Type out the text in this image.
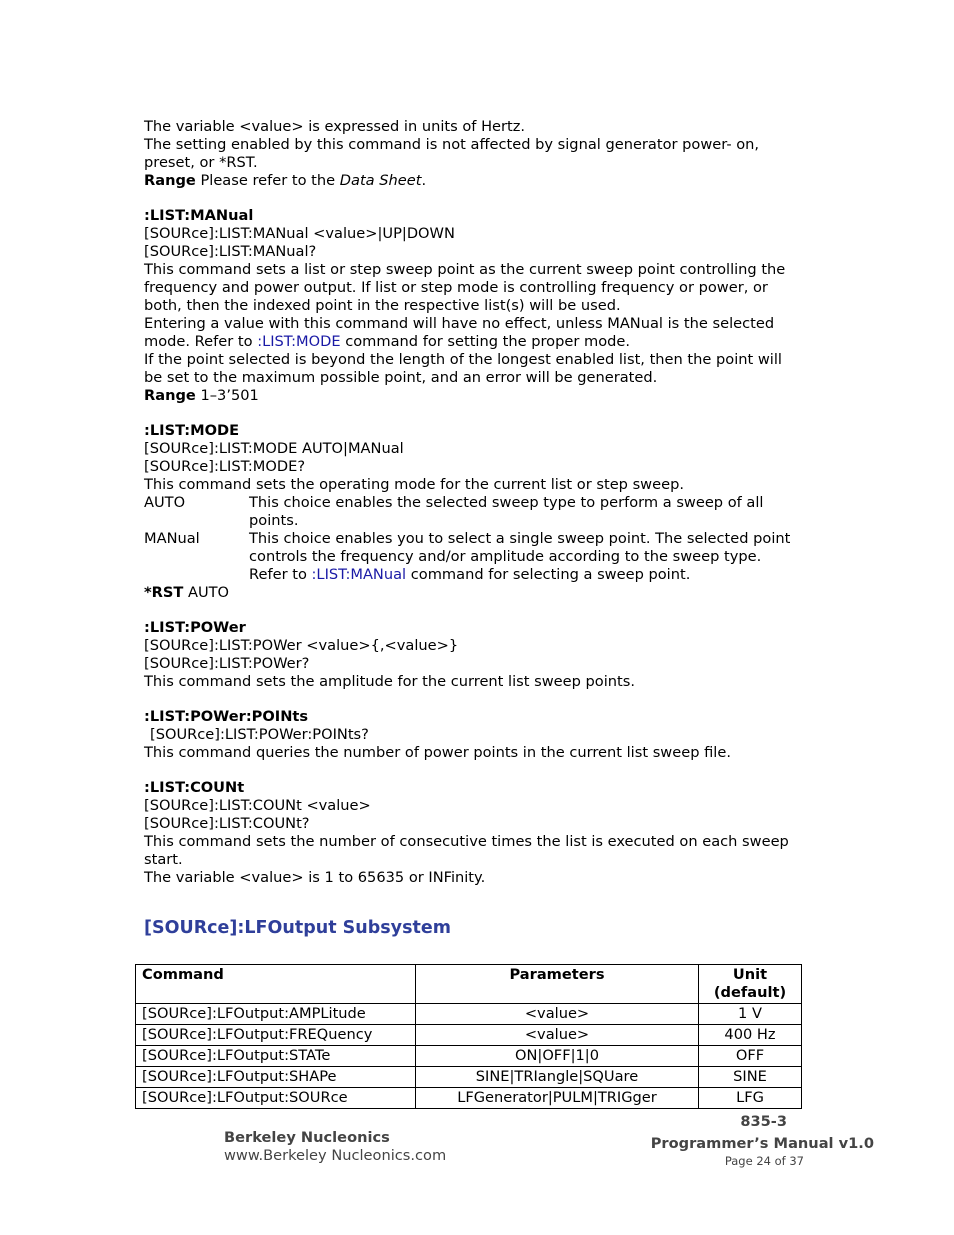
The variable <value> is expressed in units of Hertz.

The setting enabled by this command is not affected by signal generator power- on, preset, or *RST.

Range Please refer to the Data Sheet.

:LIST:MANual

[SOURce]:LIST:MANual <value>|UP|DOWN

[SOURce]:LIST:MANual?

This command sets a list or step sweep point as the current sweep point controlling the frequency and power output. If list or step mode is controlling frequency or power, or both, then the indexed point in the respective list(s) will be used.

Entering a value with this command will have no effect, unless MANual is the selected mode. Refer to :LIST:MODE command for setting the proper mode.

If the point selected is beyond the length of the longest enabled list, then the point will be set to the maximum possible point, and an error will be generated.

Range 1–3’501

:LIST:MODE

[SOURce]:LIST:MODE AUTO|MANual

[SOURce]:LIST:MODE?

This command sets the operating mode for the current list or step sweep.

AUTO	This choice enables the selected sweep type to perform a sweep of all points.
MANual	This choice enables you to select a single sweep point. The selected point controls the frequency and/or amplitude according to the sweep type. Refer to :LIST:MANual command for selecting a sweep point.

*RST AUTO

:LIST:POWer

[SOURce]:LIST:POWer <value>{,<value>}

[SOURce]:LIST:POWer?

This command sets the amplitude for the current list sweep points.

:LIST:POWer:POINts

[SOURce]:LIST:POWer:POINts?

This command queries the number of power points in the current list sweep file.

:LIST:COUNt

[SOURce]:LIST:COUNt <value>

[SOURce]:LIST:COUNt?

This command sets the number of consecutive times the list is executed on each sweep start.

The variable <value> is 1 to 65635 or INFinity.

[SOURce]:LFOutput Subsystem
Command	Parameters	Unit
(default)
[SOURce]:LFOutput:AMPLitude	<value>	1 V
[SOURce]:LFOutput:FREQuency	<value>	400 Hz
[SOURce]:LFOutput:STATe	ON|OFF|1|0	OFF
[SOURce]:LFOutput:SHAPe	SINE|TRIangle|SQUare	SINE
[SOURce]:LFOutput:SOURce	LFGenerator|PULM|TRIGger	LFG
Berkeley Nucleonics
www.Berkeley Nucleonics.com
835-3
Programmer’s Manual v1.0
Page 24 of 37
